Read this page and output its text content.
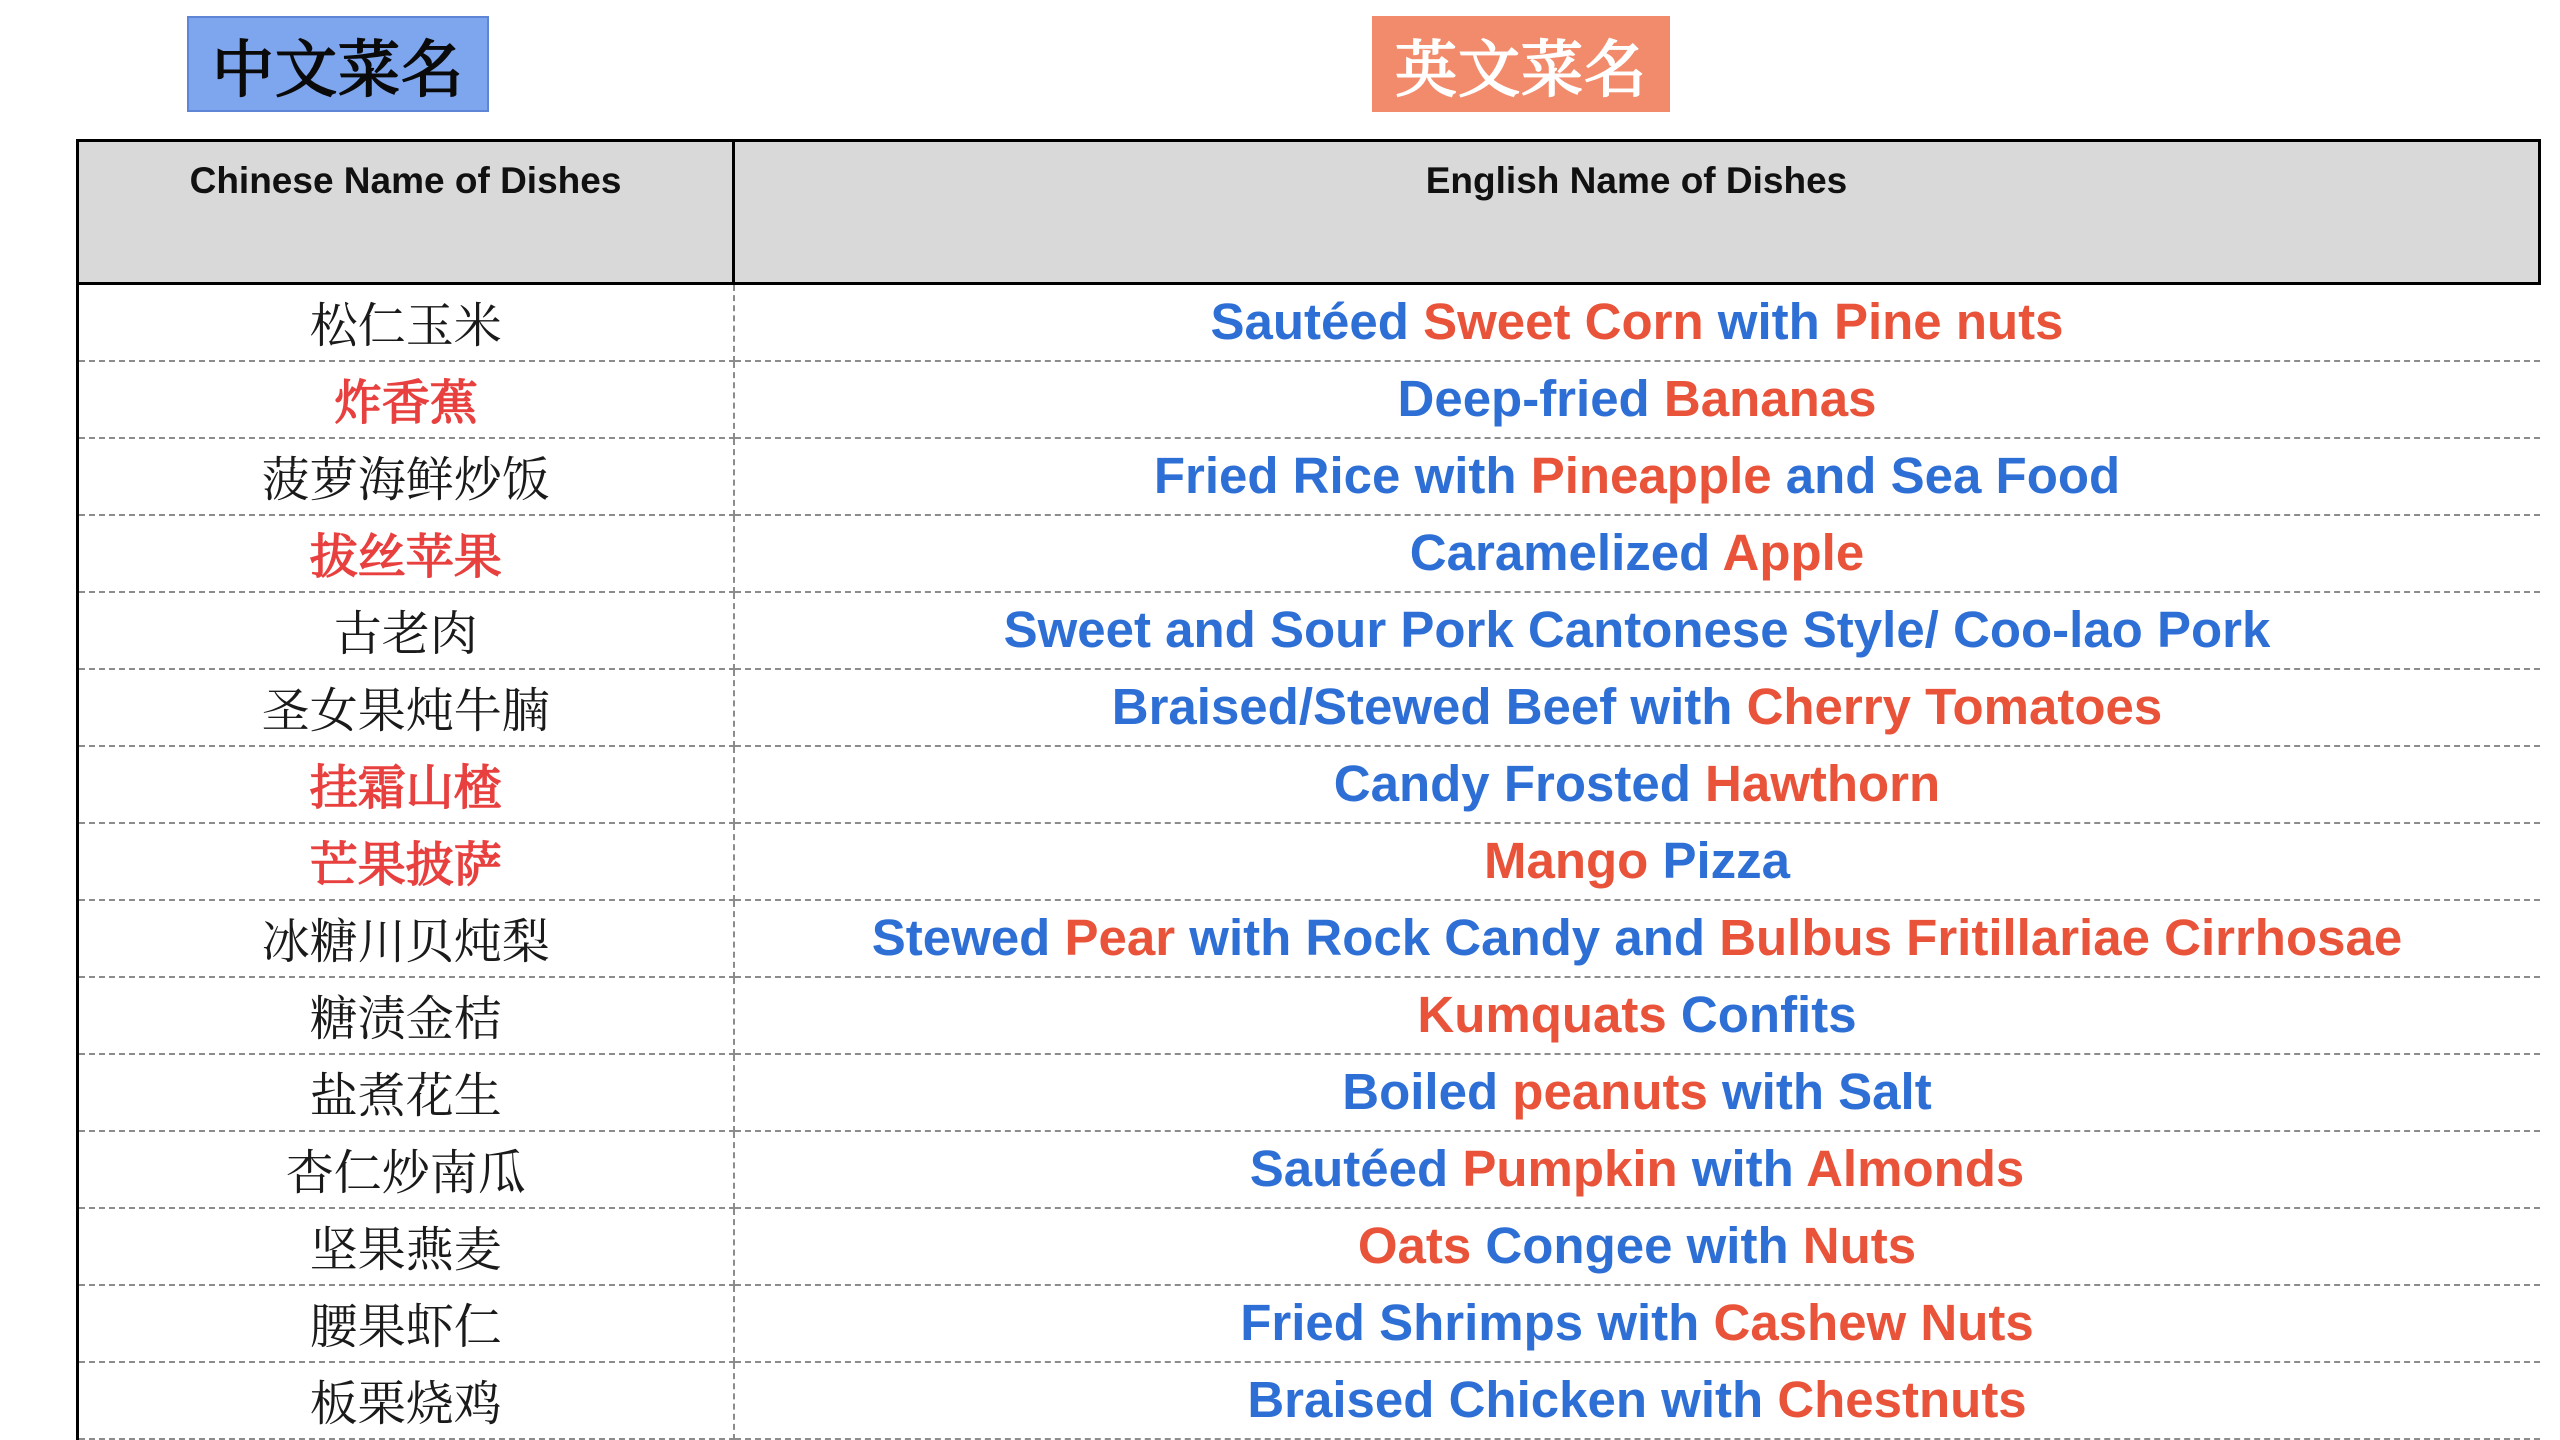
中文菜名	英文菜名
Chinese Name of Dishes	English Name of Dishes
松仁玉米	Sautéed Sweet Corn with Pine nuts
炸香蕉	Deep-fried Bananas
菠萝海鲜炒饭	Fried Rice with Pineapple and Sea Food
拔丝苹果	Caramelized Apple
古老肉	Sweet and Sour Pork Cantonese Style/ Coo-lao Pork
圣女果炖牛腩	Braised/Stewed Beef with Cherry Tomatoes
挂霜山楂	Candy Frosted Hawthorn
芒果披萨	Mango Pizza
冰糖川贝炖梨	Stewed Pear with Rock Candy and Bulbus Fritillariae Cirrhosae
糖渍金桔	Kumquats Confits
盐煮花生	Boiled peanuts with Salt
杏仁炒南瓜	Sautéed Pumpkin with Almonds
坚果燕麦	Oats Congee with Nuts
腰果虾仁	Fried Shrimps with Cashew Nuts
板栗烧鸡	Braised Chicken with Chestnuts
